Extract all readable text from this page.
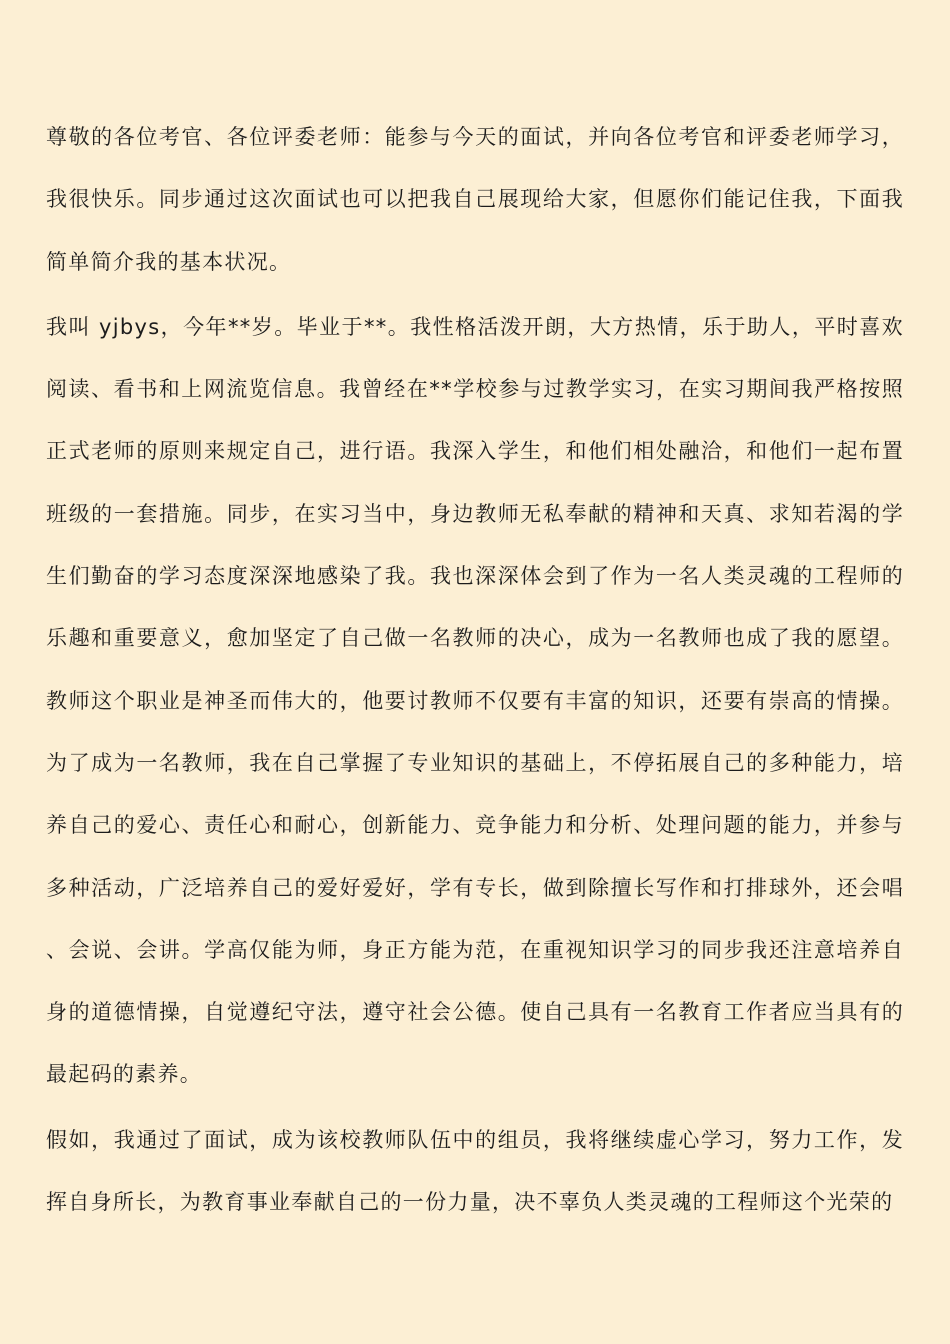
尊敬的各位考官、各位评委老师：能参与今天的面试，并向各位考官和评委老师学习，我很快乐。同步通过这次面试也可以把我自己展现给大家，但愿你们能记住我，下面我简单简介我的基本状况。

我叫 yjbys，今年**岁。毕业于**。我性格活泼开朗，大方热情，乐于助人，平时喜欢阅读、看书和上网流览信息。我曾经在**学校参与过教学实习，在实习期间我严格按照正式老师的原则来规定自己，进行语。我深入学生，和他们相处融洽，和他们一起布置班级的一套措施。同步，在实习当中，身边教师无私奉献的精神和天真、求知若渴的学生们勤奋的学习态度深深地感染了我。我也深深体会到了作为一名人类灵魂的工程师的乐趣和重要意义，愈加坚定了自己做一名教师的决心，成为一名教师也成了我的愿望。教师这个职业是神圣而伟大的，他要讨教师不仅要有丰富的知识，还要有崇高的情操。为了成为一名教师，我在自己掌握了专业知识的基础上，不停拓展自己的多种能力，培养自己的爱心、责任心和耐心，创新能力、竞争能力和分析、处理问题的能力，并参与多种活动，广泛培养自己的爱好爱好，学有专长，做到除擅长写作和打排球外，还会唱、会说、会讲。学高仅能为师，身正方能为范，在重视知识学习的同步我还注意培养自身的道德情操，自觉遵纪守法，遵守社会公德。使自己具有一名教育工作者应当具有的最起码的素养。

假如，我通过了面试，成为该校教师队伍中的组员，我将继续虚心学习，努力工作，发挥自身所长，为教育事业奉献自己的一份力量，决不辜负人类灵魂的工程师这个光荣的
